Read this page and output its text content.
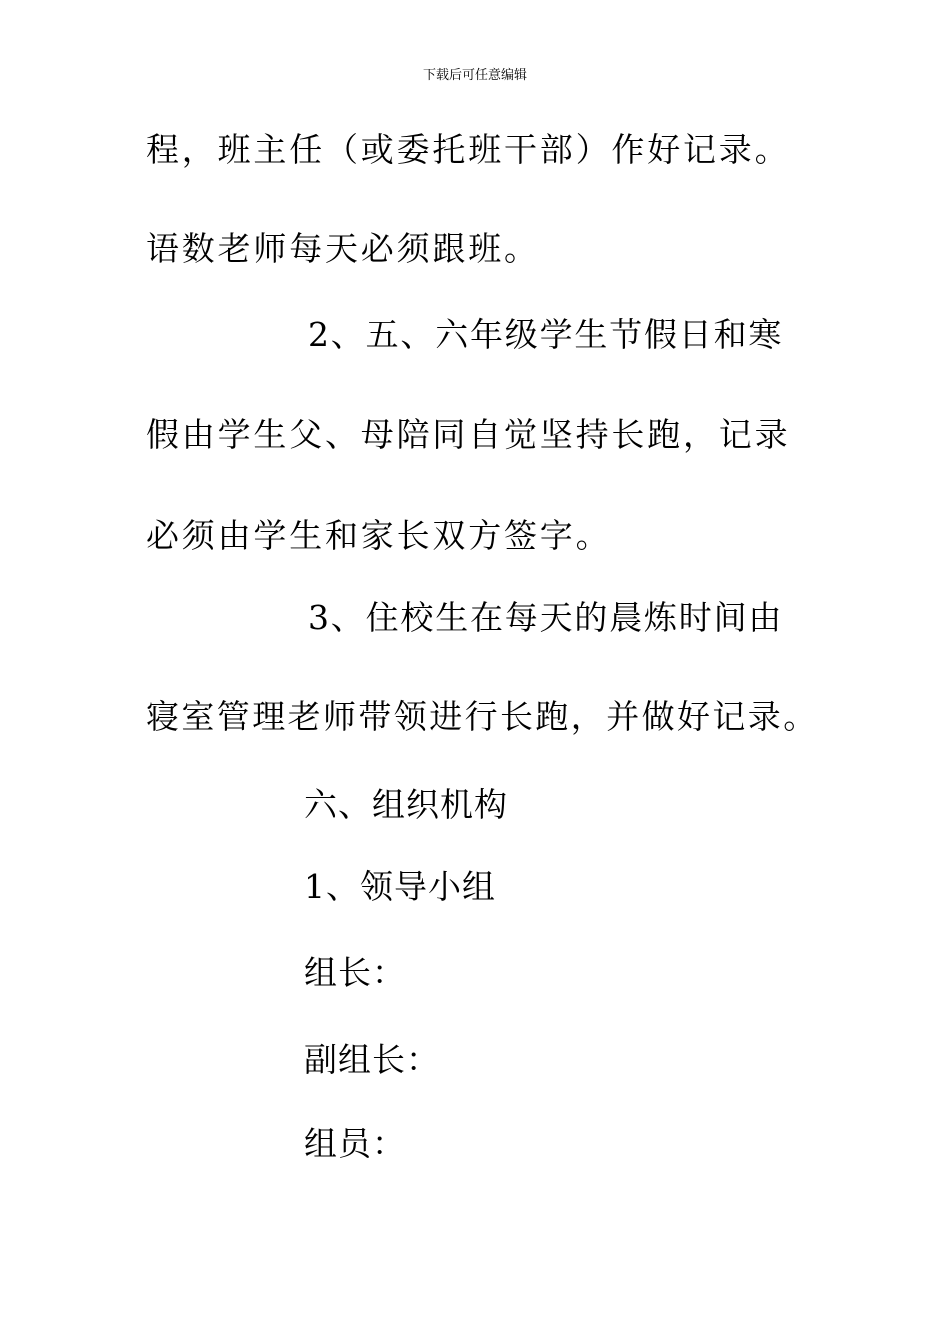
下载后可任意编辑
程，班主任（或委托班干部）作好记录。
语数老师每天必须跟班。
2、五、六年级学生节假日和寒
假由学生父、母陪同自觉坚持长跑，记录
必须由学生和家长双方签字。
3、住校生在每天的晨炼时间由
寝室管理老师带领进行长跑，并做好记录。
六、组织机构
1、领导小组
组长：
副组长：
组员：
